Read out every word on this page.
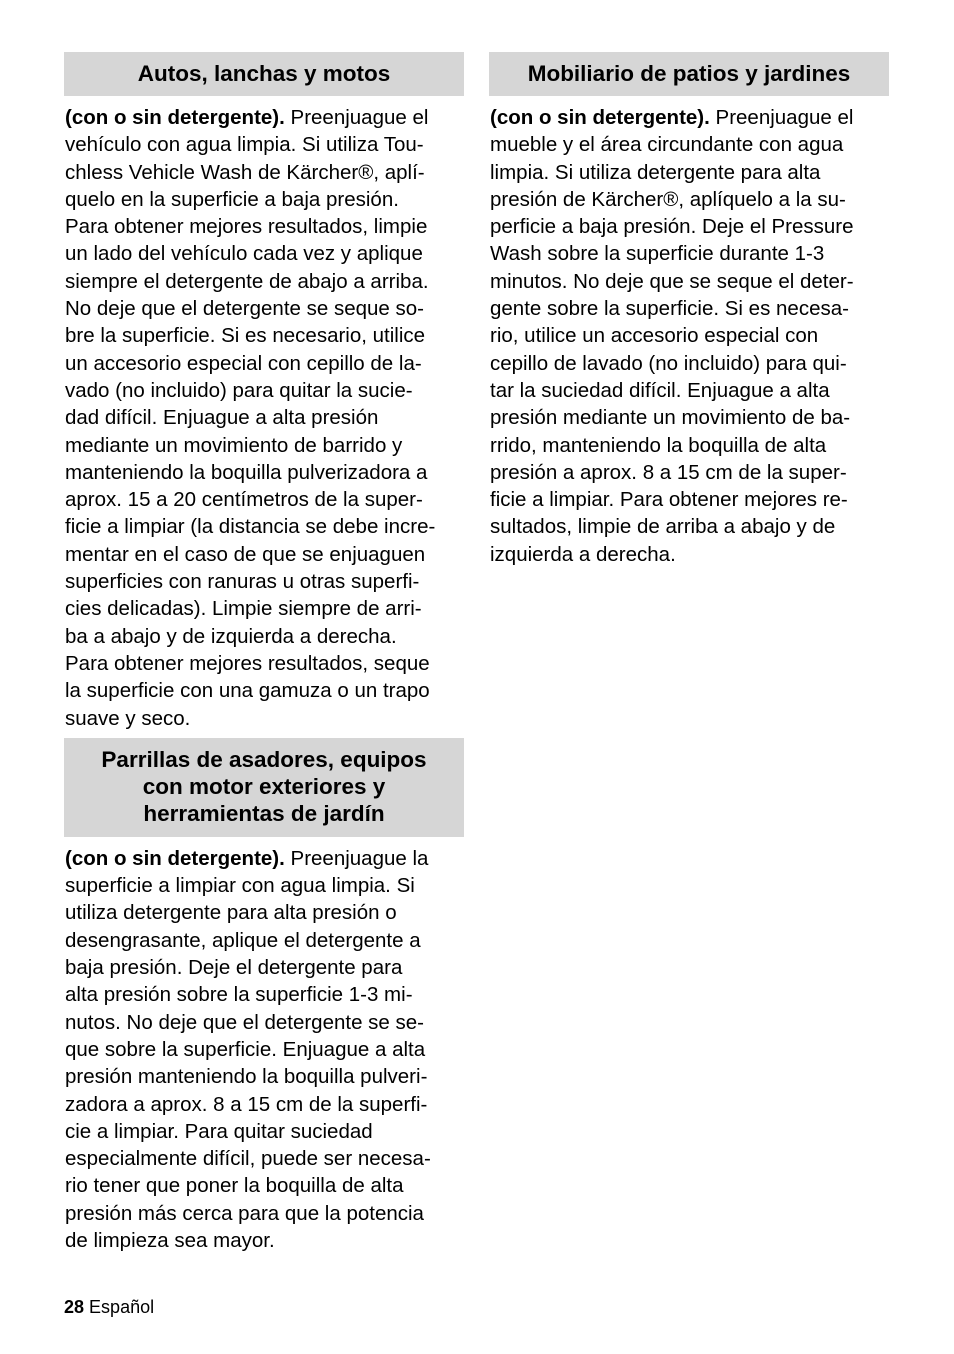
Autos, lanchas y motos
(con o sin detergente). Preenjuague el
vehículo con agua limpia. Si utiliza Tou-
chless Vehicle Wash de Kärcher®, aplí-
quelo en la superficie a baja presión.
Para obtener mejores resultados, limpie
un lado del vehículo cada vez y aplique
siempre el detergente de abajo a arriba.
No deje que el detergente se seque so-
bre la superficie. Si es necesario, utilice
un accesorio especial con cepillo de la-
vado (no incluido) para quitar la sucie-
dad difícil. Enjuague a alta presión
mediante un movimiento de barrido y
manteniendo la boquilla pulverizadora a
aprox. 15 a 20 centímetros de la super-
ficie a limpiar (la distancia se debe incre-
mentar en el caso de que se enjuaguen
superficies con ranuras u otras superfi-
cies delicadas). Limpie siempre de arri-
ba a abajo y de izquierda a derecha.
Para obtener mejores resultados, seque
la superficie con una gamuza o un trapo
suave y seco.
Parrillas de asadores, equipos
con motor exteriores y
herramientas de jardín
(con o sin detergente). Preenjuague la
superficie a limpiar con agua limpia. Si
utiliza detergente para alta presión o
desengrasante, aplique el detergente a
baja presión. Deje el detergente para
alta presión sobre la superficie 1-3 mi-
nutos. No deje que el detergente se se-
que sobre la superficie. Enjuague a alta
presión manteniendo la boquilla pulveri-
zadora a aprox. 8 a 15 cm de la superfi-
cie a limpiar. Para quitar suciedad
especialmente difícil, puede ser necesa-
rio tener que poner la boquilla de alta
presión más cerca para que la potencia
de limpieza sea mayor.
Mobiliario de patios y jardines
(con o sin detergente). Preenjuague el
mueble y el área circundante con agua
limpia. Si utiliza detergente para alta
presión de Kärcher®, aplíquelo a la su-
perficie a baja presión. Deje el Pressure
Wash sobre la superficie durante 1-3
minutos. No deje que se seque el deter-
gente sobre la superficie. Si es necesa-
rio, utilice un accesorio especial con
cepillo de lavado (no incluido) para qui-
tar la suciedad difícil. Enjuague a alta
presión mediante un movimiento de ba-
rrido, manteniendo la boquilla de alta
presión a aprox. 8 a 15 cm de la super-
ficie a limpiar. Para obtener mejores re-
sultados, limpie de arriba a abajo y de
izquierda a derecha.
28 Español
